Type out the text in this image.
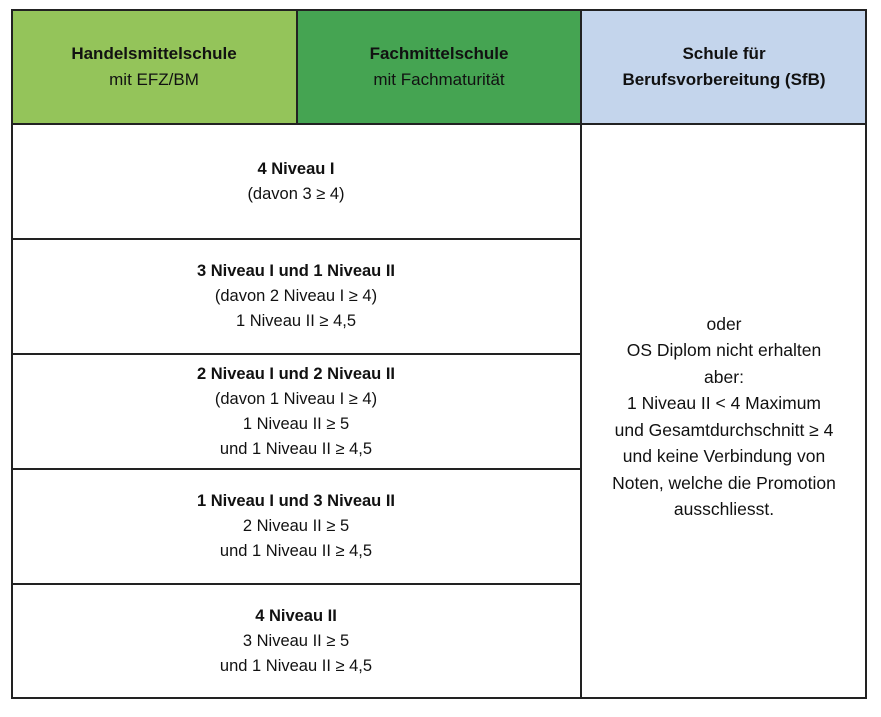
Handelsmittelschule
mit EFZ/BM
Fachmittelschule
mit Fachmaturität
Schule für
Berufsvorbereitung (SfB)
4 Niveau I
(davon 3 ≥ 4)
3 Niveau I und 1 Niveau II
(davon 2 Niveau I ≥ 4)
1 Niveau II ≥ 4,5
2 Niveau I und 2 Niveau II
(davon 1 Niveau I ≥ 4)
1 Niveau II ≥ 5
und 1 Niveau II ≥ 4,5
1 Niveau I und 3 Niveau II
2 Niveau II ≥ 5
und 1 Niveau II ≥ 4,5
4 Niveau II
3 Niveau II ≥ 5
und 1 Niveau II ≥ 4,5
oder
OS Diplom nicht erhalten
aber:
1 Niveau II < 4 Maximum
und Gesamtdurchschnitt ≥ 4
und keine Verbindung von
Noten, welche die Promotion
ausschliesst.
